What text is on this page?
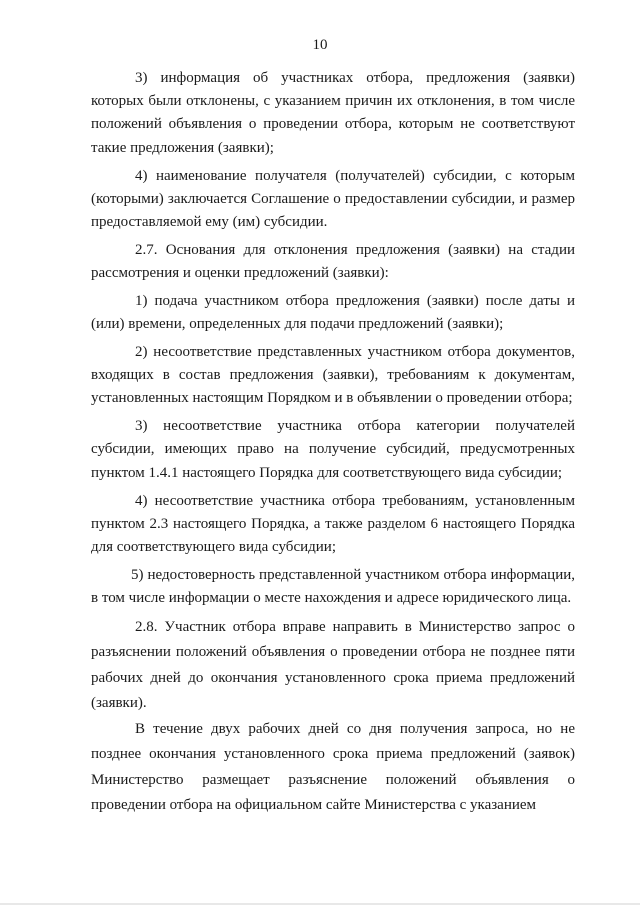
10

3) информация об участниках отбора, предложения (заявки) которых были отклонены, с указанием причин их отклонения, в том числе положений объявления о проведении отбора, которым не соответствуют такие предложения (заявки);

4) наименование получателя (получателей) субсидии, с которым (которыми) заключается Соглашение о предоставлении субсидии, и размер предоставляемой ему (им) субсидии.

2.7. Основания для отклонения предложения (заявки) на стадии рассмотрения и оценки предложений (заявки):

1) подача участником отбора предложения (заявки) после даты и (или) времени, определенных для подачи предложений (заявки);

2) несоответствие представленных участником отбора документов, входящих в состав предложения (заявки), требованиям к документам, установленных настоящим Порядком и в объявлении о проведении отбора;

3) несоответствие участника отбора категории получателей субсидии, имеющих право на получение субсидий, предусмотренных пунктом 1.4.1 настоящего Порядка для соответствующего вида субсидии;

4) несоответствие участника отбора требованиям, установленным пунктом 2.3 настоящего Порядка, а также разделом 6 настоящего Порядка для соответствующего вида субсидии;

5) недостоверность представленной участником отбора информации, в том числе информации о месте нахождения и адресе юридического лица.

2.8. Участник отбора вправе направить в Министерство запрос о разъяснении положений объявления о проведении отбора не позднее пяти рабочих дней до окончания установленного срока приема предложений (заявки).

В течение двух рабочих дней со дня получения запроса, но не позднее окончания установленного срока приема предложений (заявок) Министерство размещает разъяснение положений объявления о проведении отбора на официальном сайте Министерства с указанием
